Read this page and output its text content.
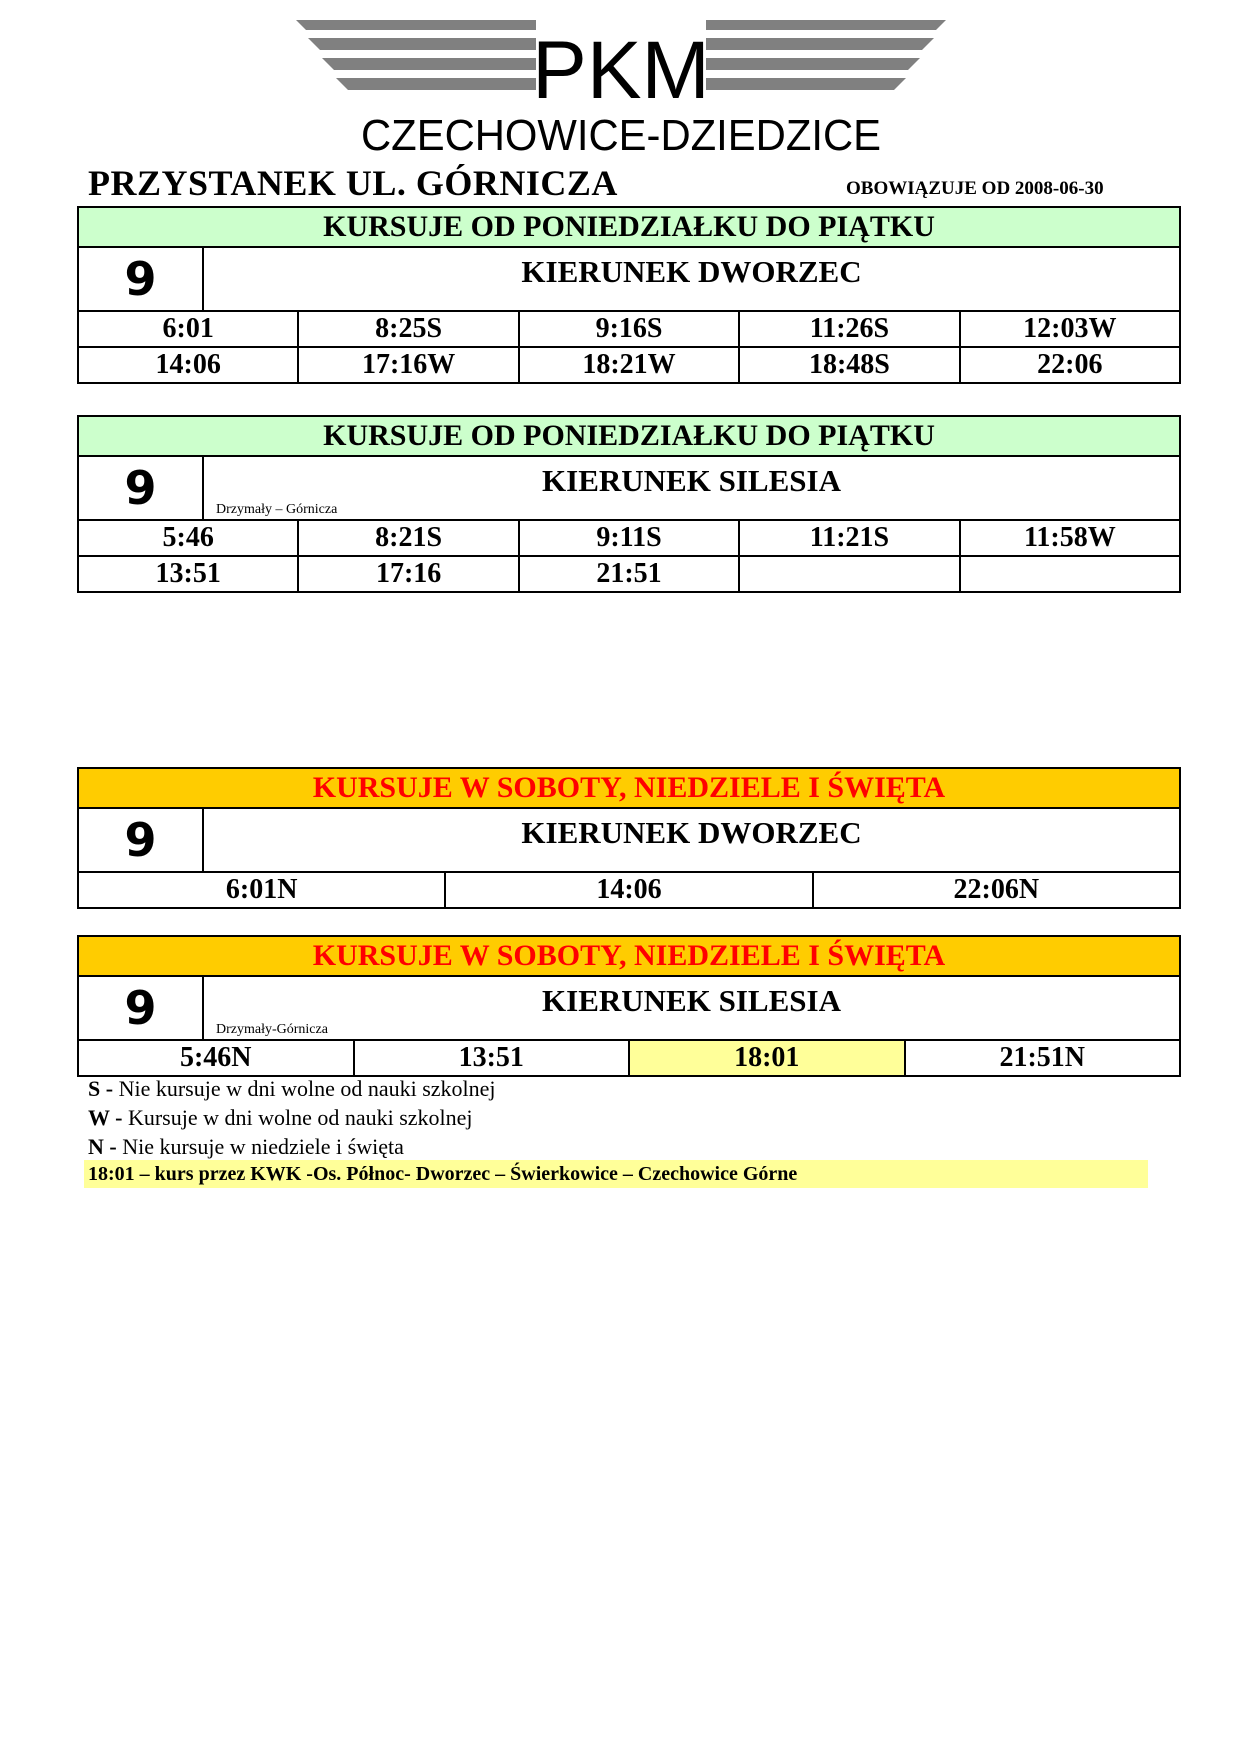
PKM
CZECHOWICE-DZIEDZICE
PRZYSTANEK UL. GÓRNICZA	OBOWIĄZUJE OD 2008-06-30
KURSUJE OD PONIEDZIAŁKU DO PIĄTKU
9	KIERUNEK DWORZEC
6:01	8:25S	9:16S	11:26S	12:03W
14:06	17:16W	18:21W	18:48S	22:06
KURSUJE OD PONIEDZIAŁKU DO PIĄTKU
9	KIERUNEK SILESIA
Drzymały – Górnicza
5:46	8:21S	9:11S	11:21S	11:58W
13:51	17:16	21:51
KURSUJE W SOBOTY, NIEDZIELE I ŚWIĘTA
9	KIERUNEK DWORZEC
6:01N	14:06	22:06N
KURSUJE W SOBOTY, NIEDZIELE I ŚWIĘTA
9	KIERUNEK SILESIA
Drzymały-Górnicza
5:46N	13:51	18:01	21:51N
S - Nie kursuje w dni wolne od nauki szkolnej
W - Kursuje w dni wolne od nauki szkolnej
N - Nie kursuje w niedziele i święta
18:01 – kurs przez KWK -Os. Północ- Dworzec – Świerkowice – Czechowice Górne
